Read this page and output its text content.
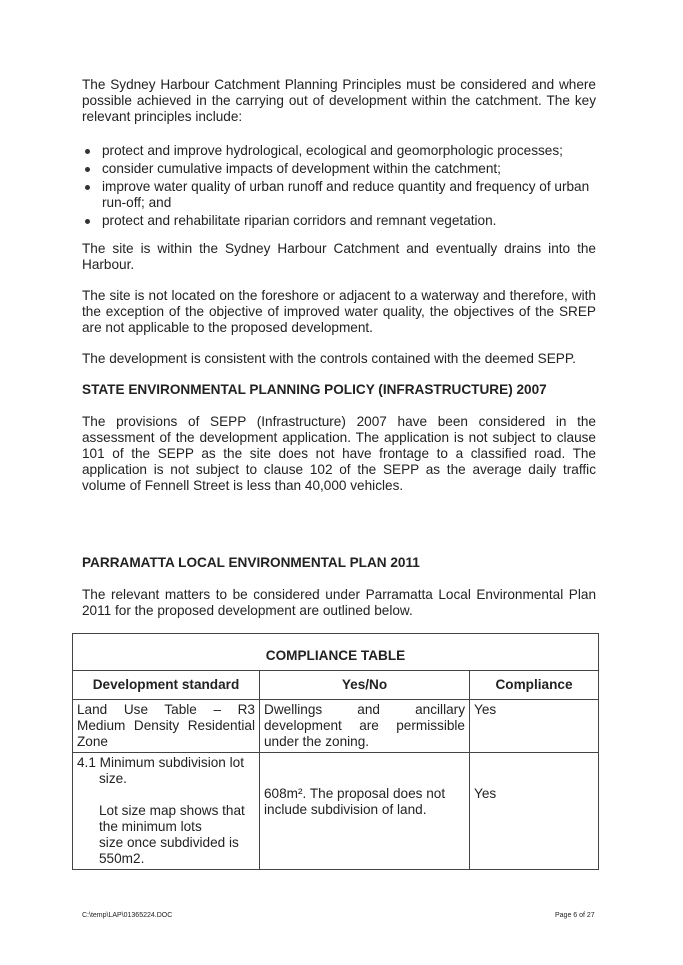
The Sydney Harbour Catchment Planning Principles must be considered and where possible achieved in the carrying out of development within the catchment. The key relevant principles include:

protect and improve hydrological, ecological and geomorphologic processes;
consider cumulative impacts of development within the catchment;
improve water quality of urban runoff and reduce quantity and frequency of urban run-off; and
protect and rehabilitate riparian corridors and remnant vegetation.

The site is within the Sydney Harbour Catchment and eventually drains into the Harbour.

The site is not located on the foreshore or adjacent to a waterway and therefore, with the exception of the objective of improved water quality, the objectives of the SREP are not applicable to the proposed development.

The development is consistent with the controls contained with the deemed SEPP.

STATE ENVIRONMENTAL PLANNING POLICY (INFRASTRUCTURE) 2007

The provisions of SEPP (Infrastructure) 2007 have been considered in the assessment of the development application. The application is not subject to clause 101 of the SEPP as the site does not have frontage to a classified road. The application is not subject to clause 102 of the SEPP as the average daily traffic volume of Fennell Street is less than 40,000 vehicles.

PARRAMATTA LOCAL ENVIRONMENTAL PLAN 2011

The relevant matters to be considered under Parramatta Local Environmental Plan 2011 for the proposed development are outlined below.

COMPLIANCE TABLE		
Development standard	Yes/No	Compliance
Land Use Table – R3 Medium Density Residential Zone	Dwellings and ancillary development are permissible under the zoning.	Yes

4.1 Minimum subdivision lot
size.
Lot size map shows that the minimum lots
size once subdivided is 550m2.	608m². The proposal does not include subdivision of land.	Yes
C:\temp\LAP\01365224.DOC	Page 6 of 27
